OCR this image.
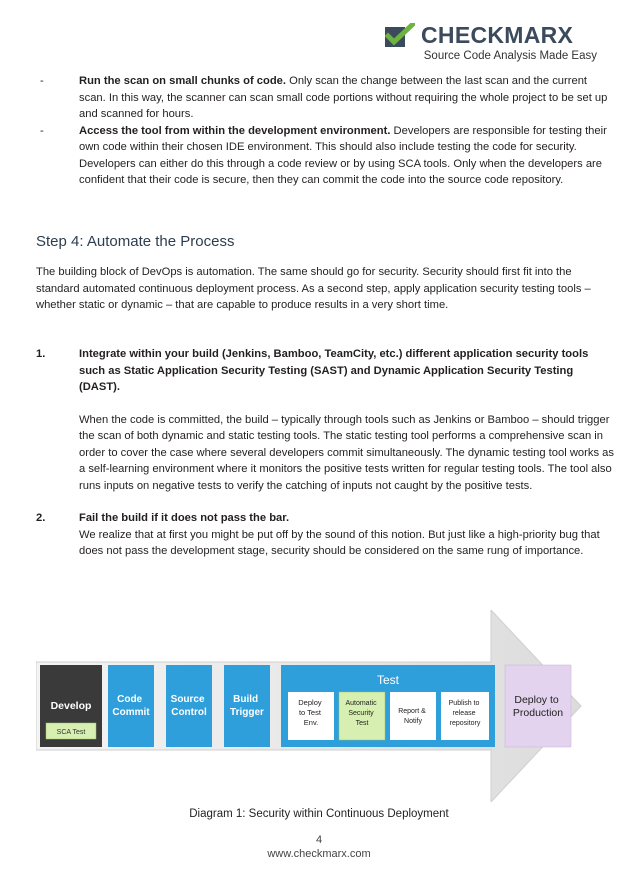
CHECKMARX
Source Code Analysis Made Easy
-	Run the scan on small chunks of code. Only scan the change between the last scan and the current scan. In this way, the scanner can scan small code portions without requiring the whole project to be set up and scanned for hours.
-	Access the tool from within the development environment. Developers are responsible for testing their own code within their chosen IDE environment. This should also include testing the code for security. Developers can either do this through a code review or by using SCA tools. Only when the developers are confident that their code is secure, then they can commit the code into the source code repository.
Step 4: Automate the Process
The building block of DevOps is automation. The same should go for security. Security should first fit into the standard automated continuous deployment process. As a second step, apply application security testing tools – whether static or dynamic – that are capable to produce results in a very short time.
1.	Integrate within your build (Jenkins, Bamboo, TeamCity, etc.) different application security tools such as Static Application Security Testing (SAST) and Dynamic Application Security Testing (DAST).
When the code is committed, the build – typically through tools such as Jenkins or Bamboo – should trigger the scan of both dynamic and static testing tools. The static testing tool performs a comprehensive scan in order to cover the case where several developers commit simultaneously. The dynamic testing tool works as a self-learning environment where it monitors the positive tests written for regular testing tools. The tool also runs inputs on negative tests to verify the catching of inputs not caught by the positive tests.
2.	Fail the build if it does not pass the bar.
We realize that at first you might be put off by the sound of this notion. But just like a high-priority bug that does not pass the development stage, security should be considered on the same rung of importance.
Develop
SCA Test
Code Commit
Source Control
Build Trigger
Test
Deploy to Test Env.
Automatic Security Test
Report & Notify
Publish to release repository
Deploy to Production
Diagram 1: Security within Continuous Deployment
4
www.checkmarx.com
